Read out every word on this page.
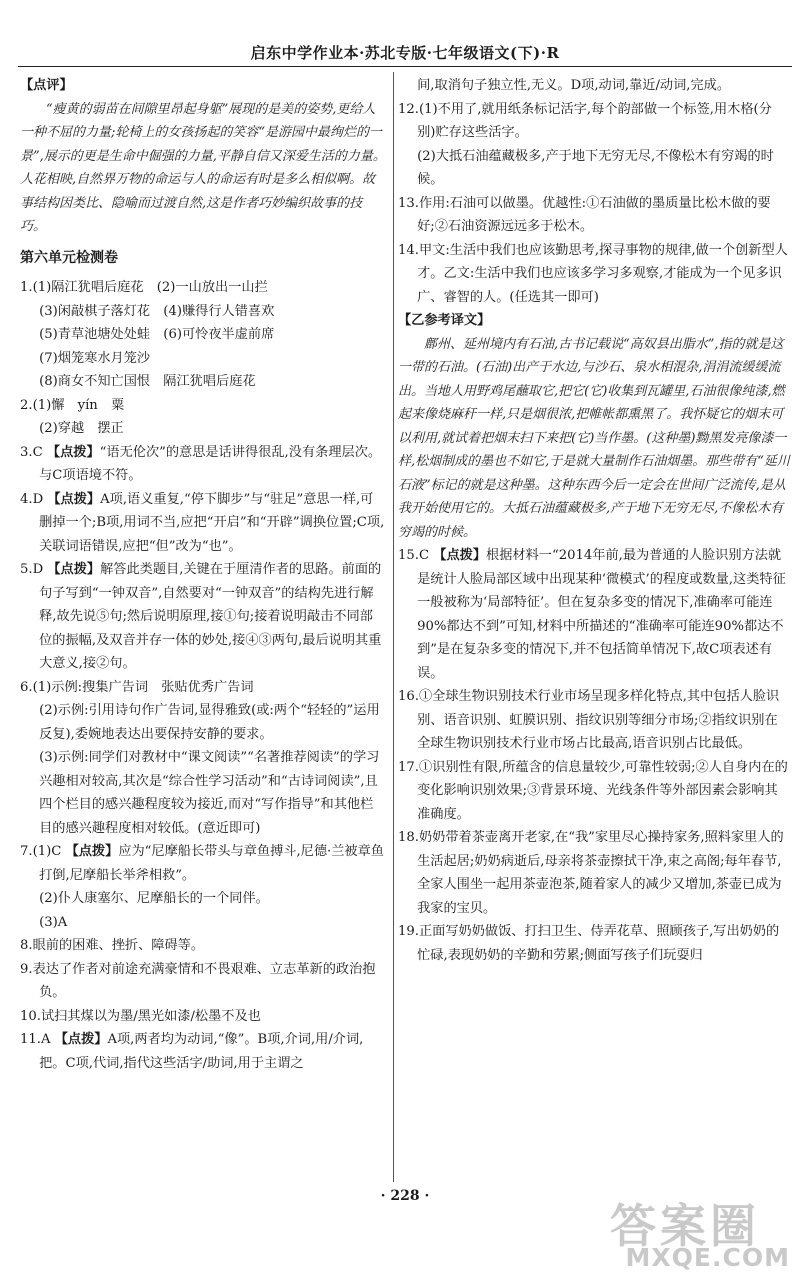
启东中学作业本·苏北专版·七年级语文(下)·R

【点评】

“瘦黄的弱苗在间隙里昂起身躯”展现的是美的姿势,更给人一种不屈的力量;轮椅上的女孩扬起的笑容“是游园中最绚烂的一景”,展示的更是生命中倔强的力量,平静自信又深爱生活的力量。人花相映,自然界万物的命运与人的命运有时是多么相似啊。故事结构因类比、隐喻而过渡自然,这是作者巧妙编织故事的技巧。

第六单元检测卷

1.(1)隔江犹唱后庭花　(2)一山放出一山拦

(3)闲敲棋子落灯花　(4)赚得行人错喜欢

(5)青草池塘处处蛙　(6)可怜夜半虚前席

(7)烟笼寒水月笼沙

(8)商女不知亡国恨　隔江犹唱后庭花

2.(1)懈　yín　粟

(2)穿越　摆正

3.C 【点拨】“语无伦次”的意思是话讲得很乱,没有条理层次。与C项语境不符。

4.D 【点拨】A项,语义重复,“停下脚步”与“驻足”意思一样,可删掉一个;B项,用词不当,应把“开启”和“开辟”调换位置;C项,关联词语错误,应把“但”改为“也”。

5.D 【点拨】解答此类题目,关键在于厘清作者的思路。前面的句子写到“一钟双音”,自然要对“一钟双音”的结构先进行解释,故先说⑤句;然后说明原理,接①句;接着说明敲击不同部位的振幅,及双音并存一体的妙处,接④③两句,最后说明其重大意义,接②句。

6.(1)示例:搜集广告词　张贴优秀广告词

(2)示例:引用诗句作广告词,显得雅致(或:两个“轻轻的”运用反复),委婉地表达出要保持安静的要求。

(3)示例:同学们对教材中“课文阅读”“名著推荐阅读”的学习兴趣相对较高,其次是“综合性学习活动”和“古诗词阅读”,且四个栏目的感兴趣程度较为接近,而对“写作指导”和其他栏目的感兴趣程度相对较低。(意近即可)

7.(1)C 【点拨】应为“尼摩船长带头与章鱼搏斗,尼德·兰被章鱼打倒,尼摩船长举斧相救”。

(2)仆人康塞尔、尼摩船长的一个同伴。

(3)A

8.眼前的困难、挫折、障碍等。

9.表达了作者对前途充满豪情和不畏艰难、立志革新的政治抱负。

10.试扫其煤以为墨/黑光如漆/松墨不及也

11.A 【点拨】A项,两者均为动词,“像”。B项,介词,用/介词,把。C项,代词,指代这些活字/助词,用于主谓之

间,取消句子独立性,无义。D项,动词,靠近/动词,完成。

12.(1)不用了,就用纸条标记活字,每个韵部做一个标签,用木格(分别)贮存这些活字。

(2)大抵石油蕴藏极多,产于地下无穷无尽,不像松木有穷竭的时候。

13.作用:石油可以做墨。优越性:①石油做的墨质量比松木做的要好;②石油资源远远多于松木。

14.甲文:生活中我们也应该勤思考,探寻事物的规律,做一个创新型人才。乙文:生活中我们也应该多学习多观察,才能成为一个见多识广、睿智的人。(任选其一即可)

【乙参考译文】

鄜州、延州境内有石油,古书记载说“高奴县出脂水”,指的就是这一带的石油。(石油)出产于水边,与沙石、泉水相混杂,涓涓流缓缓流出。当地人用野鸡尾蘸取它,把它(它)收集到瓦罐里,石油很像纯漆,燃起来像烧麻秆一样,只是烟很浓,把帷帐都熏黑了。我怀疑它的烟末可以利用,就试着把烟末扫下来把(它)当作墨。(这种墨)黝黑发亮像漆一样,松烟制成的墨也不如它,于是就大量制作石油烟墨。那些带有“延川石液”标记的就是这种墨。这种东西今后一定会在世间广泛流传,是从我开始使用它的。大抵石油蕴藏极多,产于地下无穷无尽,不像松木有穷竭的时候。

15.C 【点拨】根据材料一“2014年前,最为普通的人脸识别方法就是统计人脸局部区域中出现某种‘微模式’的程度或数量,这类特征一般被称为‘局部特征’。但在复杂多变的情况下,准确率可能连90%都达不到”可知,材料中所描述的“准确率可能连90%都达不到”是在复杂多变的情况下,并不包括简单情况下,故C项表述有误。

16.①全球生物识别技术行业市场呈现多样化特点,其中包括人脸识别、语音识别、虹膜识别、指纹识别等细分市场;②指纹识别在全球生物识别技术行业市场占比最高,语音识别占比最低。

17.①识别性有限,所蕴含的信息量较少,可靠性较弱;②人自身内在的变化影响识别效果;③背景环境、光线条件等外部因素会影响其准确度。

18.奶奶带着茶壶离开老家,在“我”家里尽心操持家务,照料家里人的生活起居;奶奶病逝后,母亲将茶壶擦拭干净,束之高阁;每年春节,全家人围坐一起用茶壶泡茶,随着家人的减少又增加,茶壶已成为我家的宝贝。

19.正面写奶奶做饭、打扫卫生、侍弄花草、照顾孩子,写出奶奶的忙碌,表现奶奶的辛勤和劳累;侧面写孩子们玩耍归

· 228 ·
答案圈
MXQE.COM
